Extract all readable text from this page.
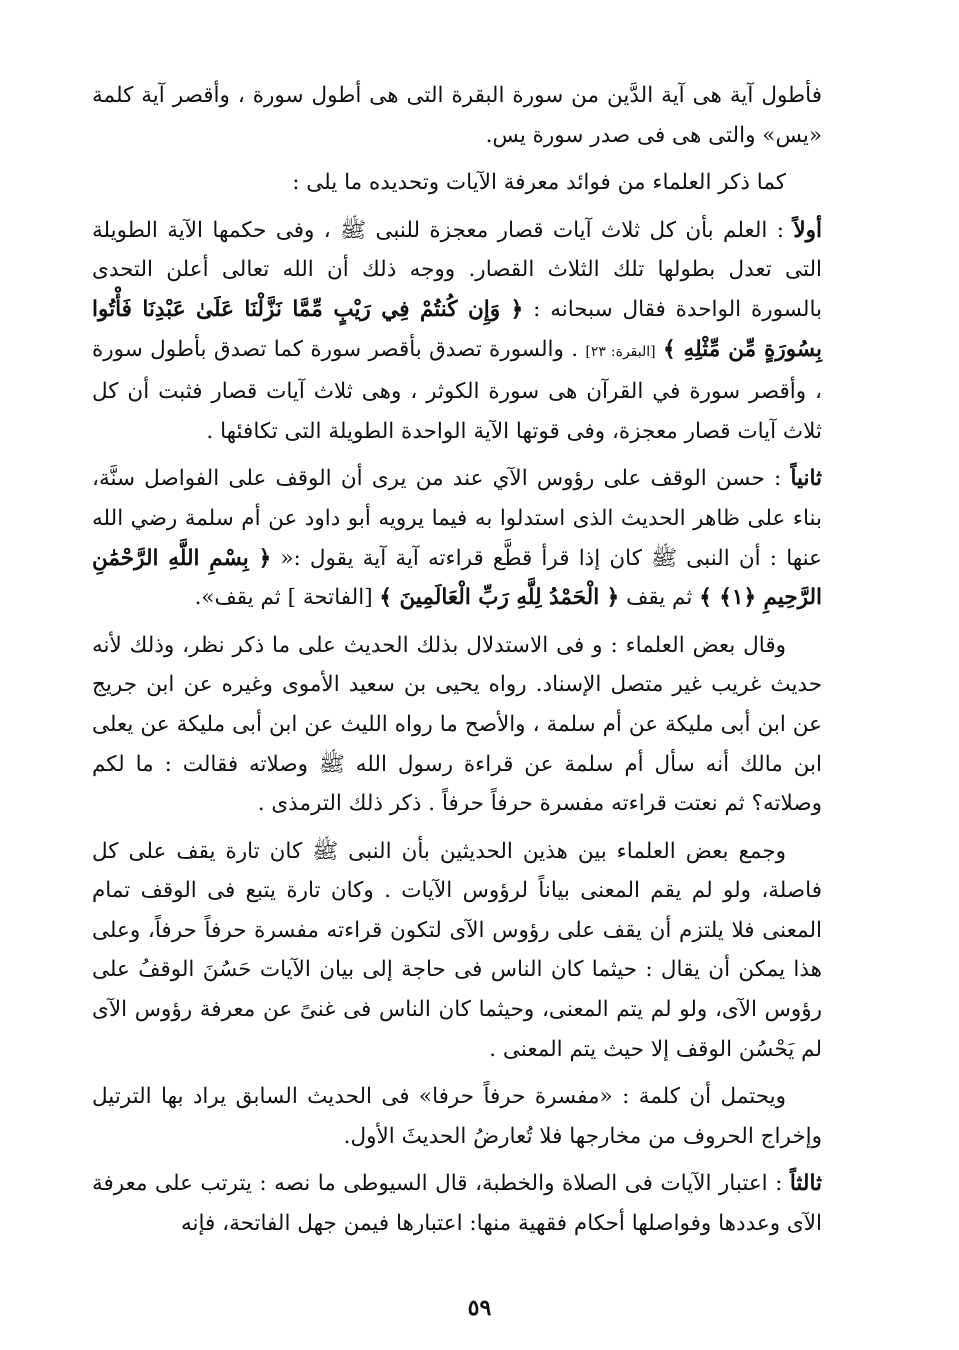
فأطول آية هى آية الدَّين من سورة البقرة التى هى أطول سورة ، وأقصر آية كلمة «يس» والتى هى فى صدر سورة يس.

كما ذكر العلماء من فوائد معرفة الآيات وتحديده ما يلى :

أولاً : العلم بأن كل ثلاث آيات قصار معجزة للنبى ﷺ ، وفى حكمها الآية الطويلة التى تعدل بطولها تلك الثلاث القصار. ووجه ذلك أن الله تعالى أعلن التحدى بالسورة الواحدة فقال سبحانه : ﴿ وَإِن كُنتُمْ فِي رَيْبٍ مِّمَّا نَزَّلْنَا عَلَىٰ عَبْدِنَا فَأْتُوا بِسُورَةٍ مِّن مِّثْلِهِ ﴾ [البقرة: ٢٣] . والسورة تصدق بأقصر سورة كما تصدق بأطول سورة ، وأقصر سورة في القرآن هى سورة الكوثر ، وهى ثلاث آيات قصار فثبت أن كل ثلاث آيات قصار معجزة، وفى قوتها الآية الواحدة الطويلة التى تكافئها .

ثانياً : حسن الوقف على رؤوس الآي عند من يرى أن الوقف على الفواصل سنَّة، بناء على ظاهر الحديث الذى استدلوا به فيما يرويه أبو داود عن أم سلمة رضي الله عنها : أن النبى ﷺ كان إذا قرأ قطَّع قراءته آية آية يقول :« ﴿ بِسْمِ اللَّهِ الرَّحْمَٰنِ الرَّحِيمِ ﴿١﴾ ﴾ ثم يقف ﴿ الْحَمْدُ لِلَّهِ رَبِّ الْعَالَمِينَ ﴾ [الفاتحة ] ثم يقف».

وقال بعض العلماء : و فى الاستدلال بذلك الحديث على ما ذكر نظر، وذلك لأنه حديث غريب غير متصل الإسناد. رواه يحيى بن سعيد الأموى وغيره عن ابن جريج عن ابن أبى مليكة عن أم سلمة ، والأصح ما رواه الليث عن ابن أبى مليكة عن يعلى ابن مالك أنه سأل أم سلمة عن قراءة رسول الله ﷺ وصلاته فقالت : ما لكم وصلاته؟ ثم نعتت قراءته مفسرة حرفاً حرفاً . ذكر ذلك الترمذى .

وجمع بعض العلماء بين هذين الحديثين بأن النبى ﷺ كان تارة يقف على كل فاصلة، ولو لم يقم المعنى بياناً لرؤوس الآيات . وكان تارة يتبع فى الوقف تمام المعنى فلا يلتزم أن يقف على رؤوس الآى لتكون قراءته مفسرة حرفاً حرفاً، وعلى هذا يمكن أن يقال : حيثما كان الناس فى حاجة إلى بيان الآيات حَسُنَ الوقفُ على رؤوس الآى، ولو لم يتم المعنى، وحيثما كان الناس فى غنىً عن معرفة رؤوس الآى لم يَحْسُن الوقف إلا حيث يتم المعنى .

ويحتمل أن كلمة : «مفسرة حرفاً حرفا» فى الحديث السابق يراد بها الترتيل وإخراج الحروف من مخارجها فلا تُعارضُ الحديثَ الأول.

ثالثاً : اعتبار الآيات فى الصلاة والخطبة، قال السيوطى ما نصه : يترتب على معرفة الآى وعددها وفواصلها أحكام فقهية منها: اعتبارها فيمن جهل الفاتحة، فإنه

٥٩
